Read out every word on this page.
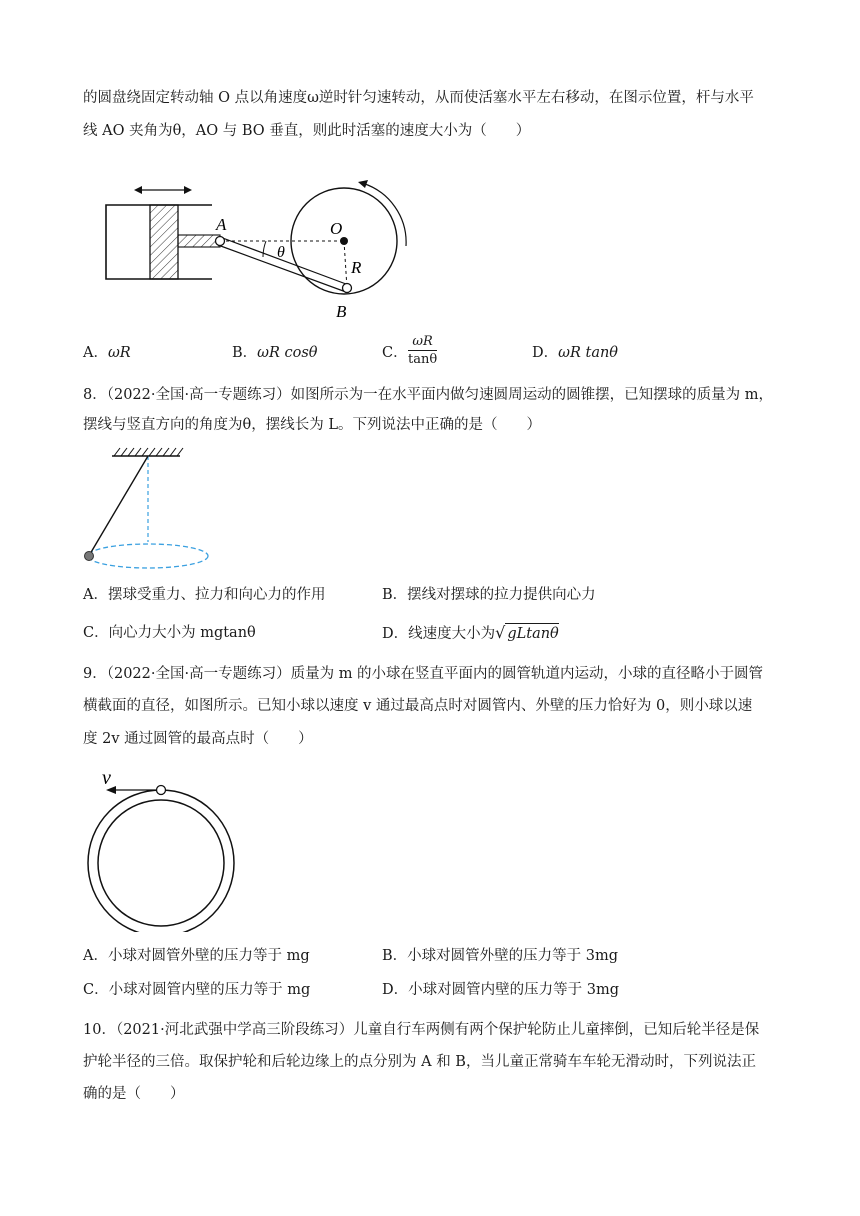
的圆盘绕固定转动轴 O 点以角速度ω逆时针匀速转动，从而使活塞水平左右移动，在图示位置，杆与水平
线 AO 夹角为θ，AO 与 BO 垂直，则此时活塞的速度大小为（　　）
A	O
θ
R
B
A．ωR	B．ωR cosθ	C． $\frac{\omega R}{\tan\theta}$	D．ωR tanθ
8．（2022·全国·高一专题练习）如图所示为一在水平面内做匀速圆周运动的圆锥摆，已知摆球的质量为 m，
摆线与竖直方向的角度为θ，摆线长为 L。下列说法中正确的是（　　）
A．摆球受重力、拉力和向心力的作用	B．摆线对摆球的拉力提供向心力
C．向心力大小为 mgtanθ	D．线速度大小为√ gLtanθ
9．（2022·全国·高一专题练习）质量为 m 的小球在竖直平面内的圆管轨道内运动，小球的直径略小于圆管
横截面的直径，如图所示。已知小球以速度 v 通过最高点时对圆管内、外壁的压力恰好为 0，则小球以速
度 2v 通过圆管的最高点时（　　）
v
A．小球对圆管外壁的压力等于 mg	B．小球对圆管外壁的压力等于 3mg
C．小球对圆管内壁的压力等于 mg	D．小球对圆管内壁的压力等于 3mg
10．（2021·河北武强中学高三阶段练习）儿童自行车两侧有两个保护轮防止儿童摔倒，已知后轮半径是保
护轮半径的三倍。取保护轮和后轮边缘上的点分别为 A 和 B，当儿童正常骑车车轮无滑动时，下列说法正
确的是（　　）
